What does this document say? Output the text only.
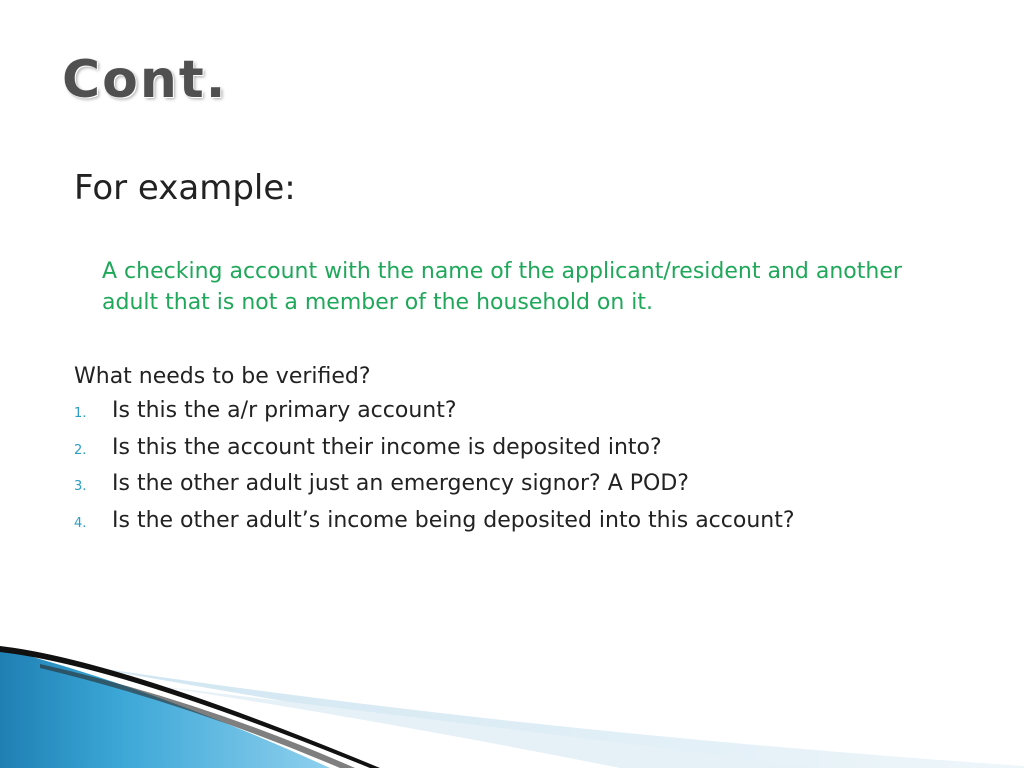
Cont.

For example:

A checking account with the name of the applicant/resident and another adult that is not a member of the household on it.

What needs to be verified?

1.	Is this the a/r primary account?
2.	Is this the account their income is deposited into?
3.	Is the other adult just an emergency signor? A POD?
4.	Is the other adult’s income being deposited into this account?
